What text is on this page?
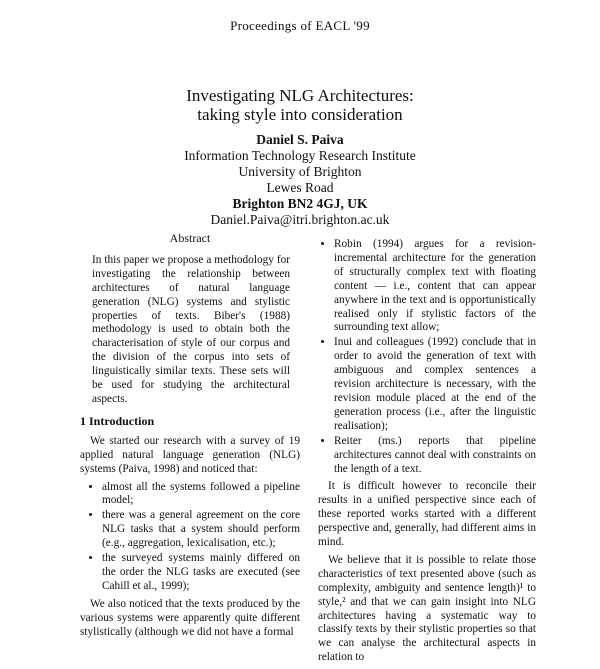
Proceedings of EACL '99
Investigating NLG Architectures:
taking style into consideration
Daniel S. Paiva
Information Technology Research Institute
University of Brighton
Lewes Road
Brighton BN2 4GJ, UK
Daniel.Paiva@itri.brighton.ac.uk
Abstract
In this paper we propose a methodology for investigating the relationship between architectures of natural language generation (NLG) systems and stylistic properties of texts. Biber's (1988) methodology is used to obtain both the characterisation of style of our corpus and the division of the corpus into sets of linguistically similar texts. These sets will be used for studying the architectural aspects.
1 Introduction

We started our research with a survey of 19 applied natural language generation (NLG) systems (Paiva, 1998) and noticed that:

• almost all the systems followed a pipeline model;
• there was a general agreement on the core NLG tasks that a system should perform (e.g., aggregation, lexicalisation, etc.);
• the surveyed systems mainly differed on the order the NLG tasks are executed (see Cahill et al., 1999);

We also noticed that the texts produced by the various systems were apparently quite different stylistically (although we did not have a formal

• Robin (1994) argues for a revision-incremental architecture for the generation of structurally complex text with floating content — i.e., content that can appear anywhere in the text and is opportunistically realised only if stylistic factors of the surrounding text allow;
• Inui and colleagues (1992) conclude that in order to avoid the generation of text with ambiguous and complex sentences a revision architecture is necessary, with the revision module placed at the end of the generation process (i.e., after the linguistic realisation);
• Reiter (ms.) reports that pipeline architectures cannot deal with constraints on the length of a text.

It is difficult however to reconcile their results in a unified perspective since each of these reported works started with a different perspective and, generally, had different aims in mind.

We believe that it is possible to relate those characteristics of text presented above (such as complexity, ambiguity and sentence length)¹ to style,² and that we can gain insight into NLG architectures having a systematic way to classify texts by their stylistic properties so that we can analyse the architectural aspects in relation to
